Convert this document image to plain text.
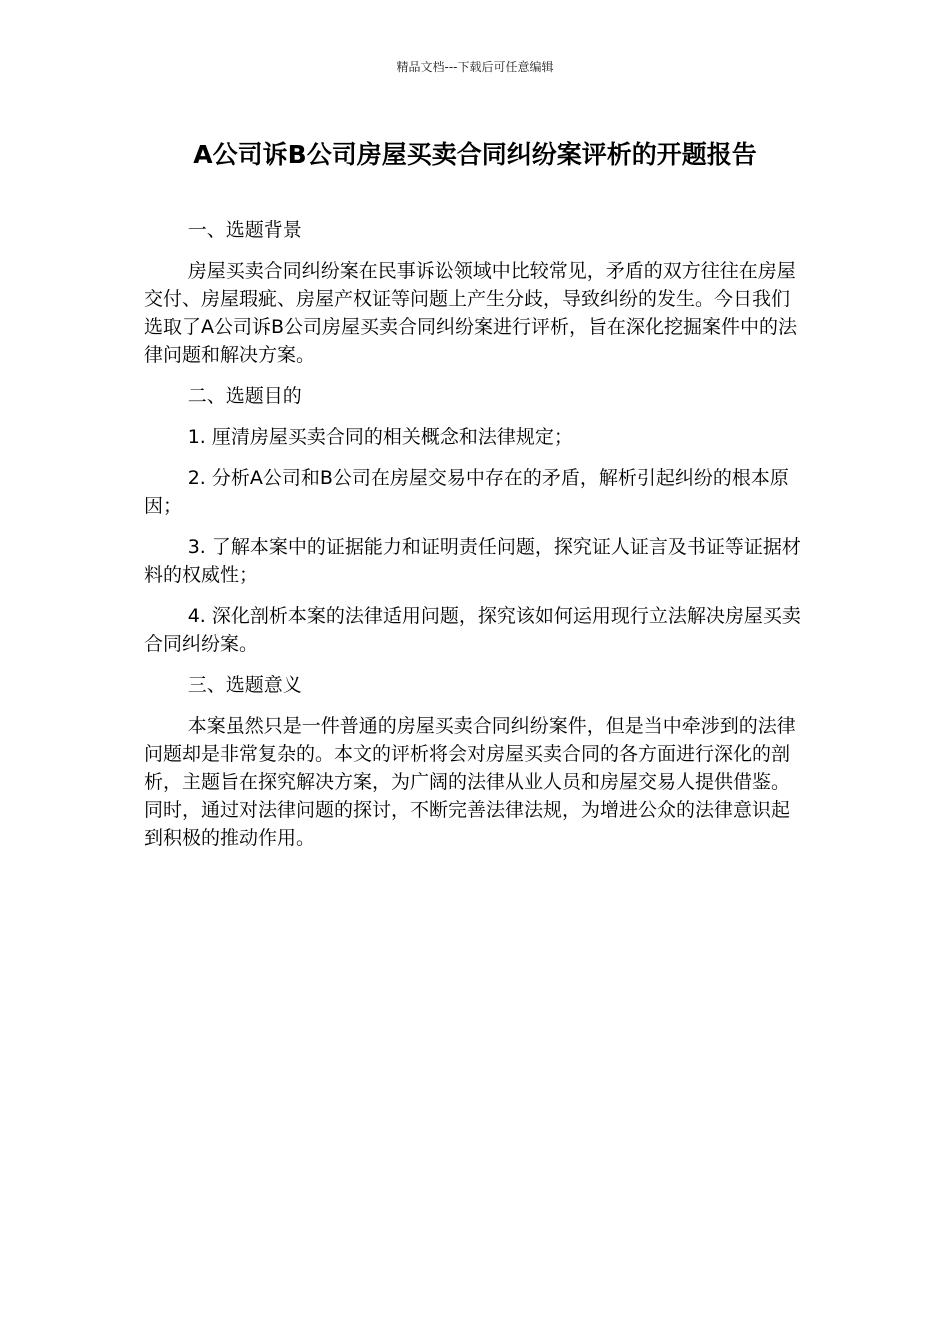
精品文档---下载后可任意编辑
A公司诉B公司房屋买卖合同纠纷案评析的开题报告

一、选题背景

房屋买卖合同纠纷案在民事诉讼领域中比较常见，矛盾的双方往往在房屋交付、房屋瑕疵、房屋产权证等问题上产生分歧，导致纠纷的发生。今日我们选取了A公司诉B公司房屋买卖合同纠纷案进行评析，旨在深化挖掘案件中的法律问题和解决方案。

二、选题目的

1. 厘清房屋买卖合同的相关概念和法律规定；

2. 分析A公司和B公司在房屋交易中存在的矛盾，解析引起纠纷的根本原因；

3. 了解本案中的证据能力和证明责任问题，探究证人证言及书证等证据材料的权威性；

4. 深化剖析本案的法律适用问题，探究该如何运用现行立法解决房屋买卖合同纠纷案。

三、选题意义

本案虽然只是一件普通的房屋买卖合同纠纷案件，但是当中牵涉到的法律问题却是非常复杂的。本文的评析将会对房屋买卖合同的各方面进行深化的剖析，主题旨在探究解决方案，为广阔的法律从业人员和房屋交易人提供借鉴。同时，通过对法律问题的探讨，不断完善法律法规，为增进公众的法律意识起到积极的推动作用。
